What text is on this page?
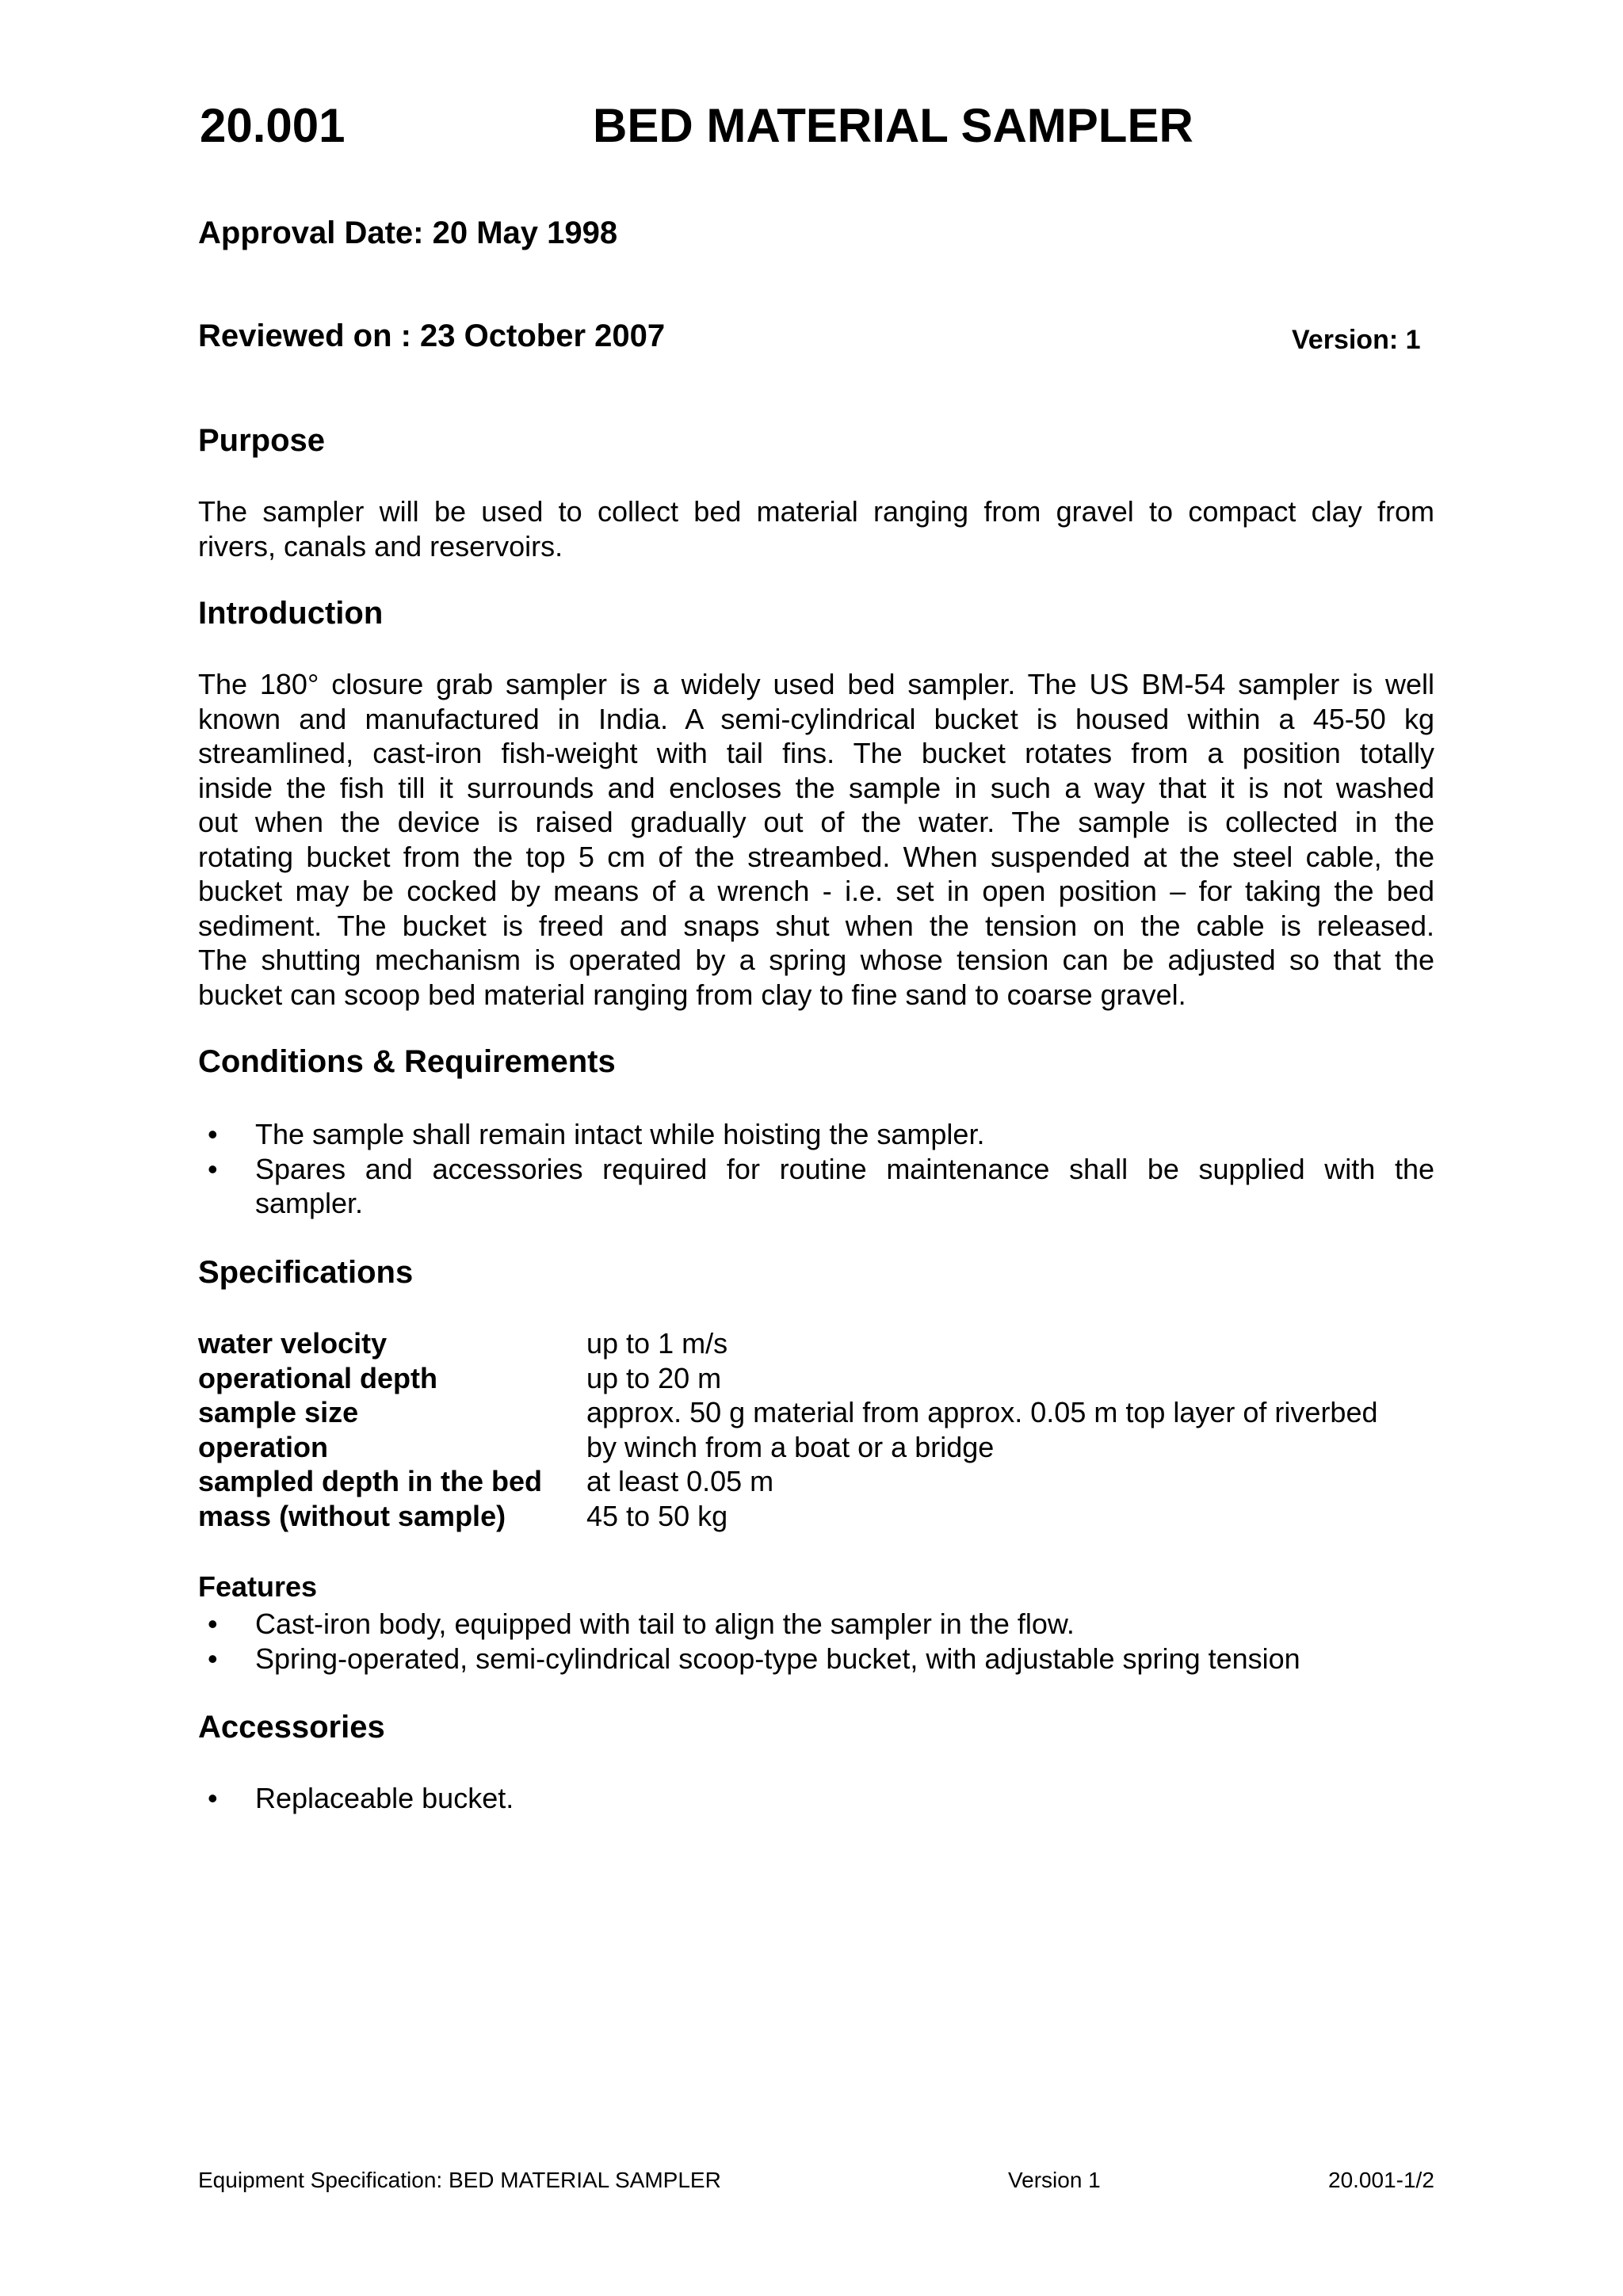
20.001	BED MATERIAL SAMPLER
Approval Date: 20 May 1998
Reviewed on : 23 October 2007	Version: 1
Purpose
The sampler will be used to collect bed material ranging from gravel to compact clay from
rivers, canals and reservoirs.
Introduction
The 180° closure grab sampler is a widely used bed sampler. The US BM-54 sampler is well
known and manufactured in India. A semi-cylindrical bucket is housed within a 45-50 kg
streamlined, cast-iron fish-weight with tail fins. The bucket rotates from a position totally
inside the fish till it surrounds and encloses the sample in such a way that it is not washed
out when the device is raised gradually out of the water. The sample is collected in the
rotating bucket from the top 5 cm of the streambed. When suspended at the steel cable, the
bucket may be cocked by means of a wrench - i.e. set in open position – for taking the bed
sediment. The bucket is freed and snaps shut when the tension on the cable is released.
The shutting mechanism is operated by a spring whose tension can be adjusted so that the
bucket can scoop bed material ranging from clay to fine sand to coarse gravel.
Conditions & Requirements
• The sample shall remain intact while hoisting the sampler.
• Spares and accessories required for routine maintenance shall be supplied with the
sampler.
Specifications
water velocity	up to 1 m/s
operational depth	up to 20 m
sample size	approx. 50 g material from approx. 0.05 m top layer of riverbed
operation	by winch from a boat or a bridge
sampled depth in the bed	at least 0.05 m
mass (without sample)	45 to 50 kg
Features
• Cast-iron body, equipped with tail to align the sampler in the flow.
• Spring-operated, semi-cylindrical scoop-type bucket, with adjustable spring tension
Accessories
• Replaceable bucket.
Equipment Specification: BED MATERIAL SAMPLER	Version 1	20.001-1/2
